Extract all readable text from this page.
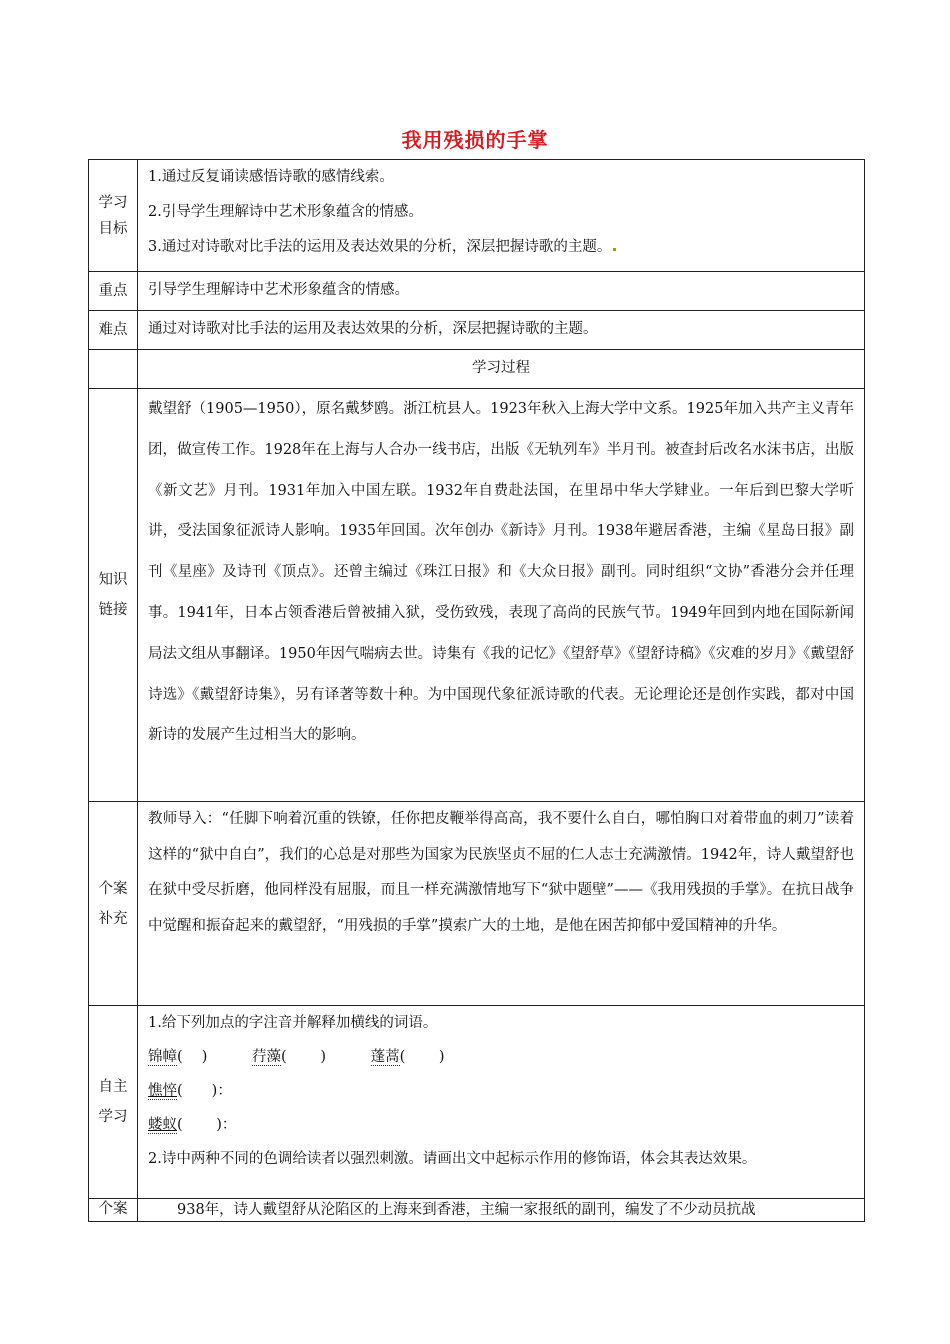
我用残损的手掌
学习目标	1.通过反复诵读感悟诗歌的感情线索。
2.引导学生理解诗中艺术形象蕴含的情感。
3.通过对诗歌对比手法的运用及表达效果的分析，深层把握诗歌的主题。

重点	引导学生理解诗中艺术形象蕴含的情感。
难点	通过对诗歌对比手法的运用及表达效果的分析，深层把握诗歌的主题。
	学习过程

知识链接	戴望舒（1905—1950），原名戴梦鸥。浙江杭县人。1923年秋入上海大学中文系。1925年加入共产主义青年团，做宣传工作。1928年在上海与人合办一线书店，出版《无轨列车》半月刊。被查封后改名水沫书店，出版《新文艺》月刊。1931年加入中国左联。1932年自费赴法国，在里昂中华大学肄业。一年后到巴黎大学听讲，受法国象征派诗人影响。1935年回国。次年创办《新诗》月刊。1938年避居香港，主编《星岛日报》副刊《星座》及诗刊《顶点》。还曾主编过《珠江日报》和《大众日报》副刊。同时组织“文协”香港分会并任理事。1941年，日本占领香港后曾被捕入狱，受伤致残，表现了高尚的民族气节。1949年回到内地在国际新闻局法文组从事翻译。1950年因气喘病去世。诗集有《我的记忆》《望舒草》《望舒诗稿》《灾难的岁月》《戴望舒诗选》《戴望舒诗集》，另有译著等数十种。为中国现代象征派诗歌的代表。无论理论还是创作实践，都对中国新诗的发展产生过相当大的影响。

个案补充	教师导入：“任脚下响着沉重的铁镣，任你把皮鞭举得高高，我不要什么自白，哪怕胸口对着带血的刺刀”读着这样的“狱中自白”，我们的心总是对那些为国家为民族坚贞不屈的仁人志士充满激情。1942年，诗人戴望舒也在狱中受尽折磨，他同样没有屈服，而且一样充满激情地写下“狱中题壁”——《我用残损的手掌》。在抗日战争中觉醒和振奋起来的戴望舒，“用残损的手掌”摸索广大的土地，是他在困苦抑郁中爱国精神的升华。

自主学习	1.给下列加点的字注音并解释加横线的词语。
锦幛(　 ) 荇藻(　 　) 蓬蒿(　 　)
憔悴(　　)：
蝼蚁(　 　)：
2.诗中两种不同的色调给读者以强烈刺激。请画出文中起标示作用的修饰语，体会其表达效果。

个案	938年，诗人戴望舒从沦陷区的上海来到香港，主编一家报纸的副刊，编发了不少动员抗战
